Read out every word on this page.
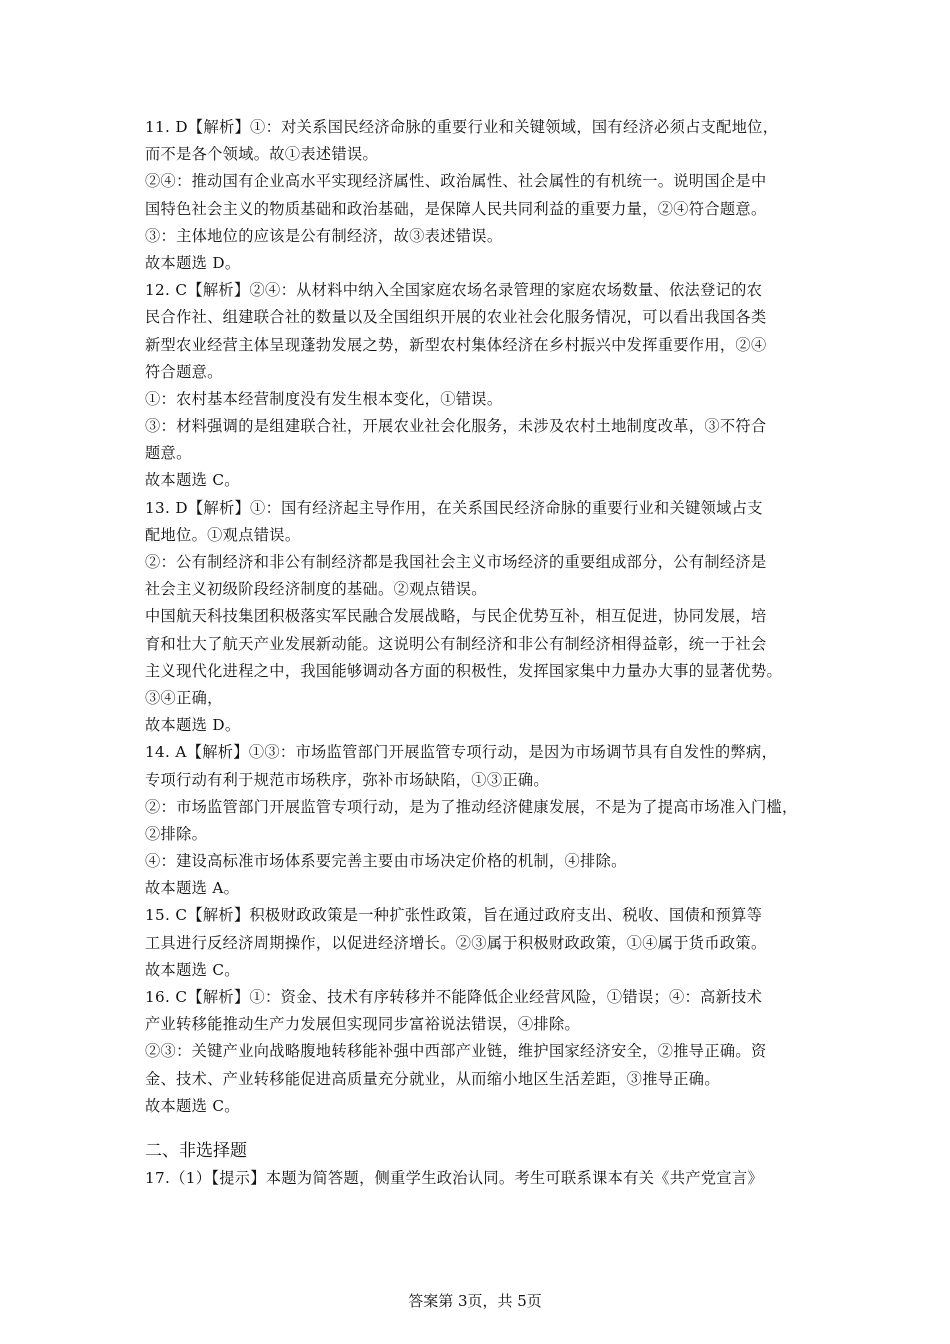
11. D【解析】①：对关系国民经济命脉的重要行业和关键领域，国有经济必须占支配地位，
而不是各个领域。故①表述错误。
②④：推动国有企业高水平实现经济属性、政治属性、社会属性的有机统一。说明国企是中
国特色社会主义的物质基础和政治基础，是保障人民共同利益的重要力量，②④符合题意。
③：主体地位的应该是公有制经济，故③表述错误。
故本题选 D。
12. C【解析】②④：从材料中纳入全国家庭农场名录管理的家庭农场数量、依法登记的农
民合作社、组建联合社的数量以及全国组织开展的农业社会化服务情况，可以看出我国各类
新型农业经营主体呈现蓬勃发展之势，新型农村集体经济在乡村振兴中发挥重要作用，②④
符合题意。
①：农村基本经营制度没有发生根本变化，①错误。
③：材料强调的是组建联合社，开展农业社会化服务，未涉及农村土地制度改革，③不符合
题意。
故本题选 C。
13. D【解析】①：国有经济起主导作用，在关系国民经济命脉的重要行业和关键领域占支
配地位。①观点错误。
②：公有制经济和非公有制经济都是我国社会主义市场经济的重要组成部分，公有制经济是
社会主义初级阶段经济制度的基础。②观点错误。
中国航天科技集团积极落实军民融合发展战略，与民企优势互补，相互促进，协同发展，培
育和壮大了航天产业发展新动能。这说明公有制经济和非公有制经济相得益彰，统一于社会
主义现代化进程之中，我国能够调动各方面的积极性，发挥国家集中力量办大事的显著优势。
③④正确，
故本题选 D。
14. A【解析】①③：市场监管部门开展监管专项行动，是因为市场调节具有自发性的弊病，
专项行动有利于规范市场秩序，弥补市场缺陷，①③正确。
②：市场监管部门开展监管专项行动，是为了推动经济健康发展，不是为了提高市场准入门槛，
②排除。
④：建设高标准市场体系要完善主要由市场决定价格的机制，④排除。
故本题选 A。
15. C【解析】积极财政政策是一种扩张性政策，旨在通过政府支出、税收、国债和预算等
工具进行反经济周期操作，以促进经济增长。②③属于积极财政政策，①④属于货币政策。
故本题选 C。
16. C【解析】①：资金、技术有序转移并不能降低企业经营风险，①错误；④：高新技术
产业转移能推动生产力发展但实现同步富裕说法错误，④排除。
②③：关键产业向战略腹地转移能补强中西部产业链，维护国家经济安全，②推导正确。资
金、技术、产业转移能促进高质量充分就业，从而缩小地区生活差距，③推导正确。
故本题选 C。
二、非选择题
17.（1）【提示】本题为简答题，侧重学生政治认同。考生可联系课本有关《共产党宣言》
答案第 3页，共 5页
